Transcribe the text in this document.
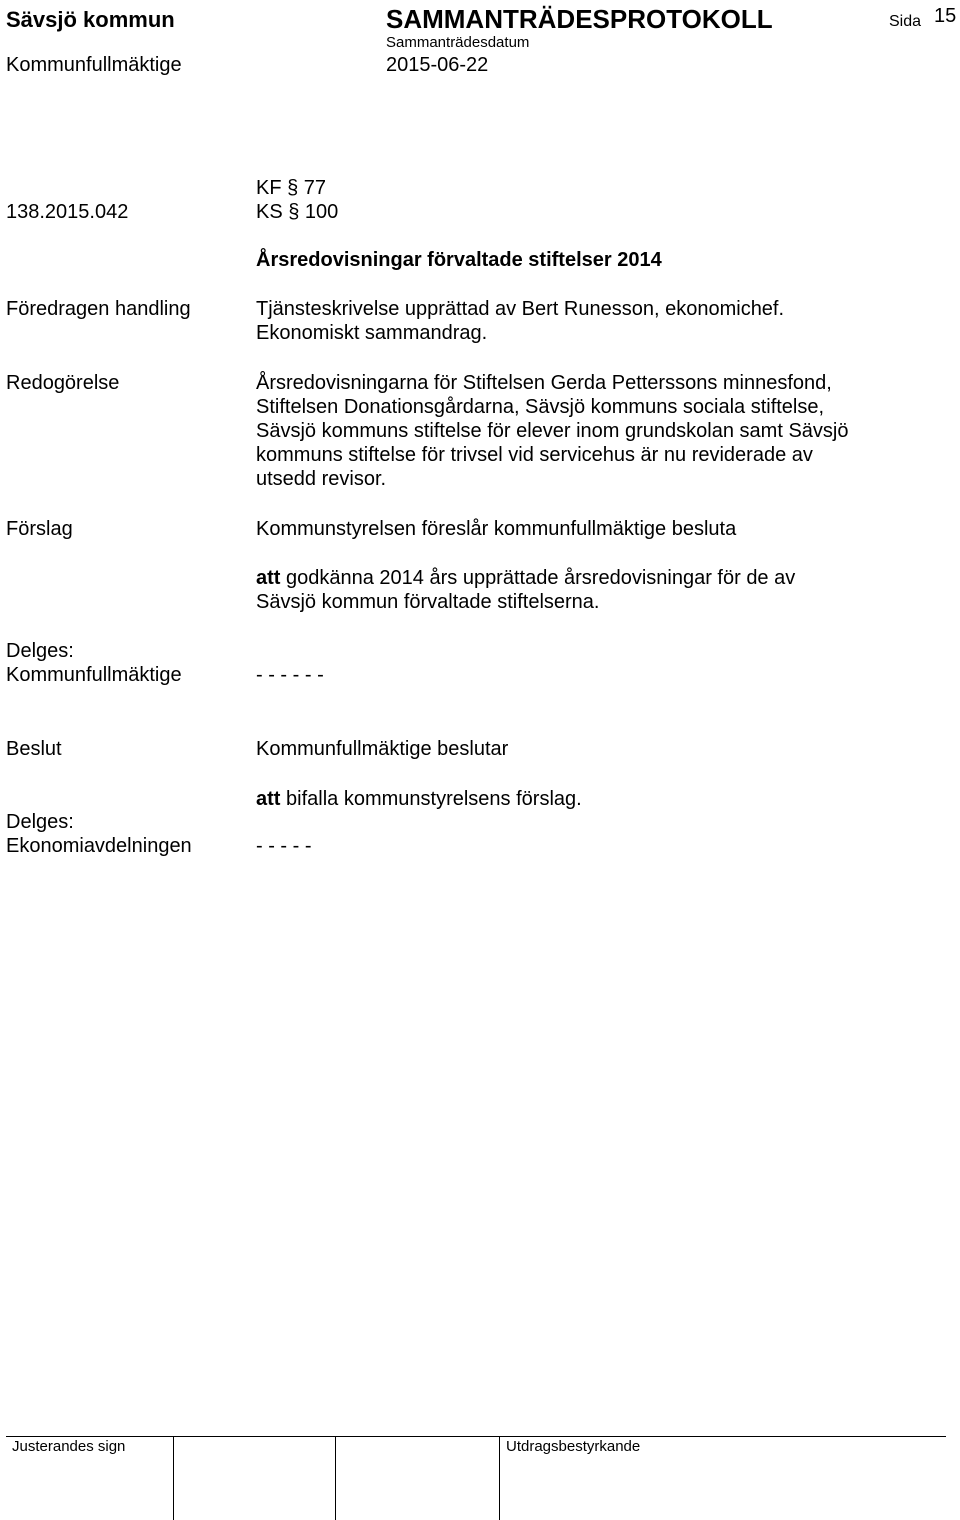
Sävsjö kommun
Kommunfullmäktige
SAMMANTRÄDESPROTOKOLL
Sammanträdesdatum
2015-06-22
Sida 15
KF § 77
138.2015.042	KS § 100
Årsredovisningar förvaltade stiftelser 2014
Föredragen handling	Tjänsteskrivelse upprättad av Bert Runesson, ekonomichef.
Ekonomiskt sammandrag.
Redogörelse	Årsredovisningarna för Stiftelsen Gerda Petterssons minnesfond,
Stiftelsen Donationsgårdarna, Sävsjö kommuns sociala stiftelse,
Sävsjö kommuns stiftelse för elever inom grundskolan samt Sävsjö
kommuns stiftelse för trivsel vid servicehus är nu reviderade av
utsedd revisor.
Förslag	Kommunstyrelsen föreslår kommunfullmäktige besluta
att godkänna 2014 års upprättade årsredovisningar för de av
Sävsjö kommun förvaltade stiftelserna.
Delges:
Kommunfullmäktige	- - - - - -
Beslut	Kommunfullmäktige beslutar
att bifalla kommunstyrelsens förslag.
Delges:
Ekonomiavdelningen	- - - - -
Justerandes sign	Utdragsbestyrkande
